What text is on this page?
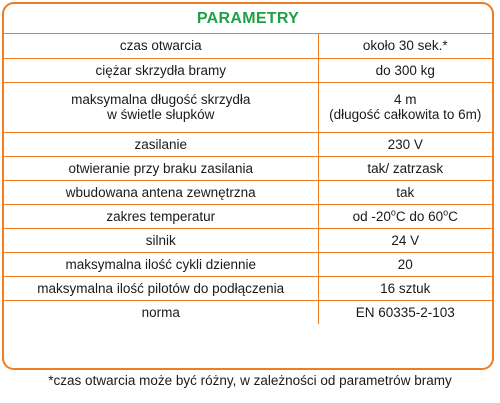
PARAMETRY
czas otwarcia	około 30 sek.*
ciężar skrzydła bramy	do 300 kg
maksymalna długość skrzydła
w świetle słupków	4 m
(długość całkowita to 6m)
zasilanie	230 V
otwieranie przy braku zasilania	tak/ zatrzask
wbudowana antena zewnętrzna	tak
zakres temperatur	od -20$^o$C do 60$^o$C
silnik	24 V
maksymalna ilość cykli dziennie	20
maksymalna ilość pilotów do podłączenia	16 sztuk
norma	EN 60335-2-103
*czas otwarcia może być różny, w zależności od parametrów bramy
